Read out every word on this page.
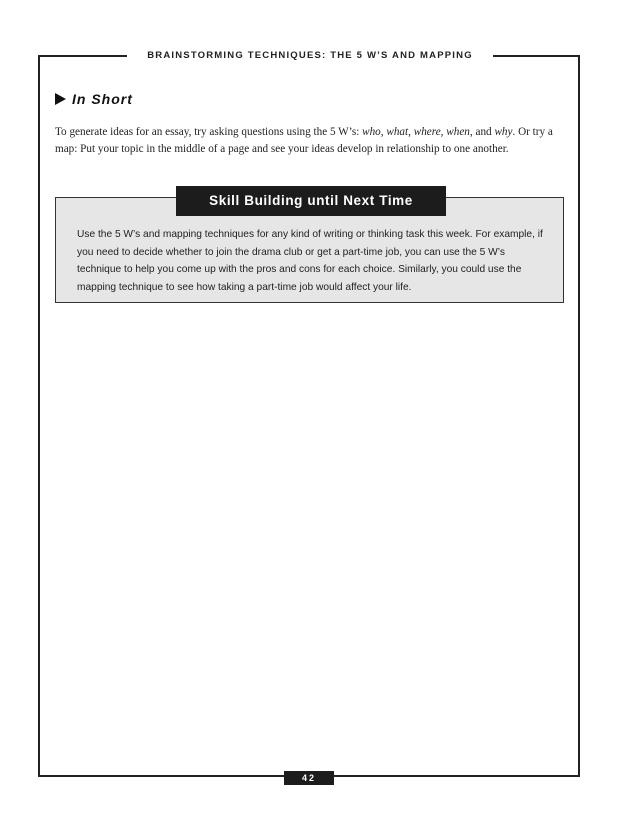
BRAINSTORMING TECHNIQUES: THE 5 W’S AND MAPPING
In Short

To generate ideas for an essay, try asking questions using the 5 W’s: who, what, where, when, and why. Or try a map: Put your topic in the middle of a page and see your ideas develop in relationship to one another.

Skill Building until Next Time

Use the 5 W’s and mapping techniques for any kind of writing or thinking task this week. For example, if you need to decide whether to join the drama club or get a part-time job, you can use the 5 W’s technique to help you come up with the pros and cons for each choice. Similarly, you could use the mapping technique to see how taking a part-time job would affect your life.

42
